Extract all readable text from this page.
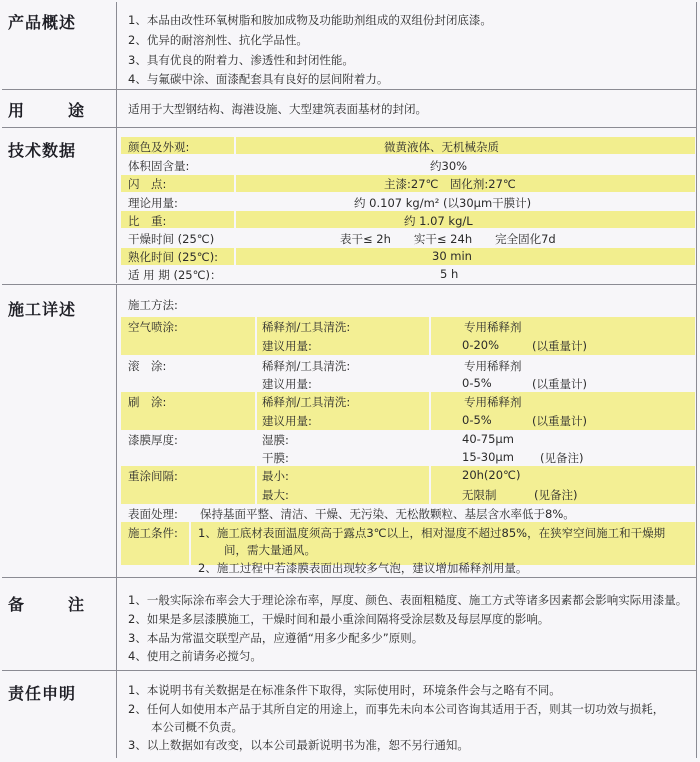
产品概述	1、本品由改性环氧树脂和胺加成物及功能助剂组成的双组份封闭底漆。
2、优异的耐溶剂性、抗化学品性。
3、具有优良的附着力、渗透性和封闭性能。
4、与氟碳中涂、面漆配套具有良好的层间附着力。
用　途	适用于大型钢结构、海港设施、大型建筑表面基材的封闭。
技术数据	颜色及外观:	微黄液体、无机械杂质
体积固含量:	约30%
闪　点:	主漆:27℃　固化剂:27℃
理论用量:	约 0.107 kg/m² (以30μm干膜计)
比　重:	约 1.07 kg/L
干燥时间 (25℃)	表干≤ 2h　　实干≤ 24h　　完全固化7d
熟化时间 (25℃):	30 min
适 用 期 (25℃)：	5 h
施工详述	施工方法:
空气喷涂:	稀释剂/工具清洗:	专用稀释剂
建议用量:	0-20%	(以重量计)
滚　涂:	稀释剂/工具清洗:	专用稀释剂
建议用量:	0-5%	(以重量计)
刷　涂:	稀释剂/工具清洗:	专用稀释剂
建议用量:	0-5%	(以重量计)
漆膜厚度:	湿膜:	40-75μm
干膜:	15-30μm (见备注)
重涂间隔:	最小:	20h(20℃)
最大:	无限制	(见备注)
表面处理: 保持基面平整、清洁、干燥、无污染、无松散颗粒、基层含水率低于8%。
施工条件: 1、施工底材表面温度须高于露点3℃以上，相对湿度不超过85%，在狭窄空间施工和干燥期
间，需大量通风。
2、施工过程中若漆膜表面出现较多气泡，建议增加稀释剂用量。
备　注	1、一般实际涂布率会大于理论涂布率，厚度、颜色、表面粗糙度、施工方式等诸多因素都会影响实际用漆量。
2、如果是多层漆膜施工，干燥时间和最小重涂间隔将受涂层数及每层厚度的影响。
3、本品为常温交联型产品，应遵循“用多少配多少”原则。
4、使用之前请务必搅匀。
责任申明	1、本说明书有关数据是在标准条件下取得，实际使用时，环境条件会与之略有不同。
2、任何人如使用本产品于其所自定的用途上，而事先未向本公司咨询其适用于否，则其一切功效与损耗，
　　本公司概不负责。
3、以上数据如有改变，以本公司最新说明书为准，恕不另行通知。
